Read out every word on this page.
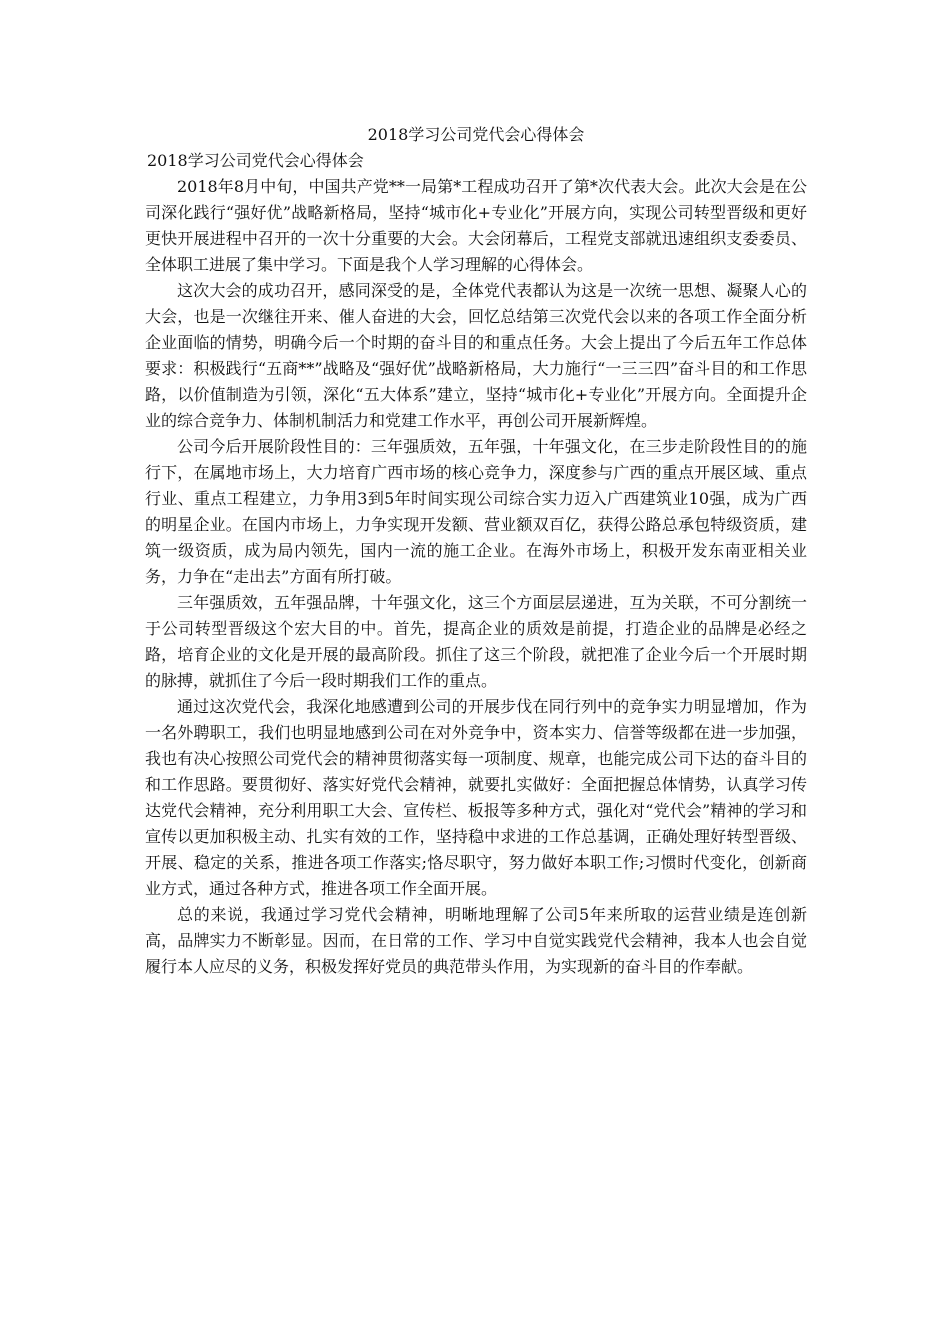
2018学习公司党代会心得体会
2018学习公司党代会心得体会

2018年8月中旬，中国共产党**一局第*工程成功召开了第*次代表大会。此次大会是在公司深化践行“强好优”战略新格局，坚持“城市化+专业化”开展方向，实现公司转型晋级和更好更快开展进程中召开的一次十分重要的大会。大会闭幕后，工程党支部就迅速组织支委委员、全体职工进展了集中学习。下面是我个人学习理解的心得体会。

这次大会的成功召开，感同深受的是，全体党代表都认为这是一次统一思想、凝聚人心的大会，也是一次继往开来、催人奋进的大会，回忆总结第三次党代会以来的各项工作全面分析企业面临的情势，明确今后一个时期的奋斗目的和重点任务。大会上提出了今后五年工作总体要求：积极践行“五商**”战略及“强好优”战略新格局，大力施行“一三三四”奋斗目的和工作思路，以价值制造为引领，深化“五大体系”建立，坚持“城市化+专业化”开展方向。全面提升企业的综合竞争力、体制机制活力和党建工作水平，再创公司开展新辉煌。

公司今后开展阶段性目的：三年强质效，五年强，十年强文化，在三步走阶段性目的的施行下，在属地市场上，大力培育广西市场的核心竞争力，深度参与广西的重点开展区域、重点行业、重点工程建立，力争用3到5年时间实现公司综合实力迈入广西建筑业10强，成为广西的明星企业。在国内市场上，力争实现开发额、营业额双百亿，获得公路总承包特级资质，建筑一级资质，成为局内领先，国内一流的施工企业。在海外市场上，积极开发东南亚相关业务，力争在“走出去”方面有所打破。

三年强质效，五年强品牌，十年强文化，这三个方面层层递进，互为关联，不可分割统一于公司转型晋级这个宏大目的中。首先，提高企业的质效是前提，打造企业的品牌是必经之路，培育企业的文化是开展的最高阶段。抓住了这三个阶段，就把准了企业今后一个开展时期的脉搏，就抓住了今后一段时期我们工作的重点。

通过这次党代会，我深化地感遭到公司的开展步伐在同行列中的竞争实力明显增加，作为一名外聘职工，我们也明显地感到公司在对外竞争中，资本实力、信誉等级都在进一步加强，我也有决心按照公司党代会的精神贯彻落实每一项制度、规章，也能完成公司下达的奋斗目的和工作思路。要贯彻好、落实好党代会精神，就要扎实做好：全面把握总体情势，认真学习传达党代会精神，充分利用职工大会、宣传栏、板报等多种方式，强化对“党代会”精神的学习和宣传以更加积极主动、扎实有效的工作，坚持稳中求进的工作总基调，正确处理好转型晋级、开展、稳定的关系，推进各项工作落实;恪尽职守，努力做好本职工作;习惯时代变化，创新商业方式，通过各种方式，推进各项工作全面开展。

总的来说，我通过学习党代会精神，明晰地理解了公司5年来所取的运营业绩是连创新高，品牌实力不断彰显。因而，在日常的工作、学习中自觉实践党代会精神，我本人也会自觉履行本人应尽的义务，积极发挥好党员的典范带头作用，为实现新的奋斗目的作奉献。
